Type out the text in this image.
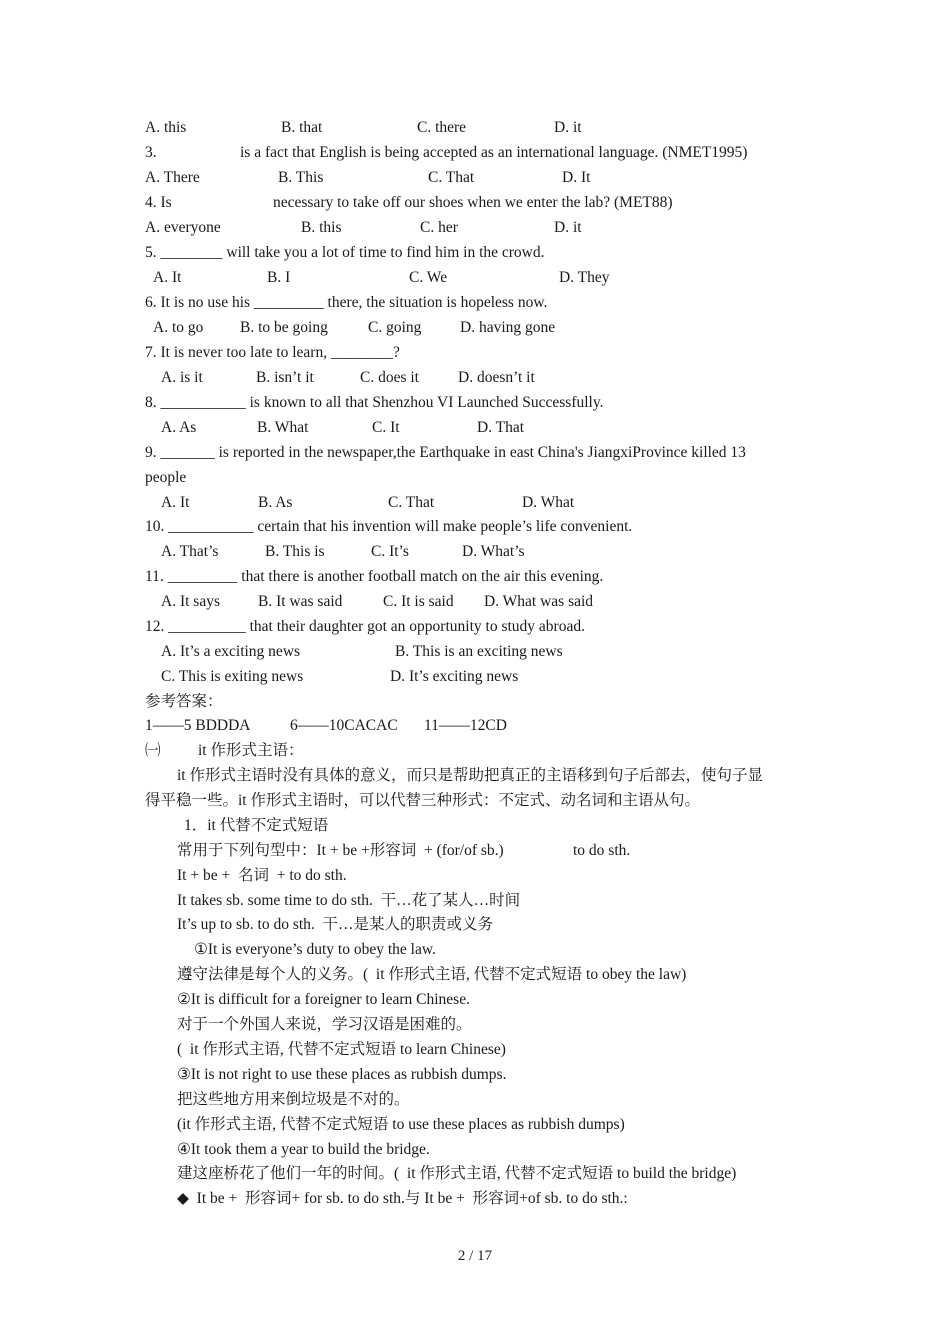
A. this	B. that	C. there	D. it
3.	is a fact that English is being accepted as an international language. (NMET1995)
A. There	B. This	C. That	D. It
4. Is	necessary to take off our shoes when we enter the lab? (MET88)
A. everyone	B. this	C. her	D. it
5. ________ will take you a lot of time to find him in the crowd.
A. It	B. I	C. We	D. They
6. It is no use his _________ there, the situation is hopeless now.
A. to go B. to be going	C. going D. having gone
7. It is never too late to learn, ________?
A. is it	B. isn’t it	C. does it	D. doesn’t it
8. ___________ is known to all that Shenzhou VI Launched Successfully.
A. As	B. What	C. It	D. That
9. _______ is reported in the newspaper,the Earthquake in east China's JiangxiProvince killed 13
people
A. It	B. As	C. That	D. What
10. ___________ certain that his invention will make people’s life convenient.
A. That’s	B. This is	C. It’s	D. What’s
11. _________ that there is another football match on the air this evening.
A. It says B. It was said	C. It is said D. What was said
12. __________ that their daughter got an opportunity to study abroad.
A. It’s a exciting news	B. This is an exciting news
C. This is exiting news	D. It’s exciting news
参考答案：
1——5 BDDDA	6——10CACAC 11——12CD
㈠ it 作形式主语：
it 作形式主语时没有具体的意义，而只是帮助把真正的主语移到句子后部去，使句子显
得平稳一些。it 作形式主语时，可以代替三种形式：不定式、动名词和主语从句。
1．it 代替不定式短语
常用于下列句型中：It + be +形容词  + (for/of sb.)	to do sth.
It + be +  名词  + to do sth.
It takes sb. some time to do sth.  干…花了某人…时间
It’s up to sb. to do sth.  干…是某人的职责或义务
①It is everyone’s duty to obey the law.
遵守法律是每个人的义务。(  it 作形式主语, 代替不定式短语 to obey the law)
②It is difficult for a foreigner to learn Chinese.
对于一个外国人来说，学习汉语是困难的。
(  it 作形式主语, 代替不定式短语 to learn Chinese)
③It is not right to use these places as rubbish dumps.
把这些地方用来倒垃圾是不对的。
(it 作形式主语, 代替不定式短语 to use these places as rubbish dumps)
④It took them a year to build the bridge.
建这座桥花了他们一年的时间。(  it 作形式主语, 代替不定式短语 to build the bridge)
◆  It be +  形容词+ for sb. to do sth.与 It be +  形容词+of sb. to do sth.:
2 / 17
